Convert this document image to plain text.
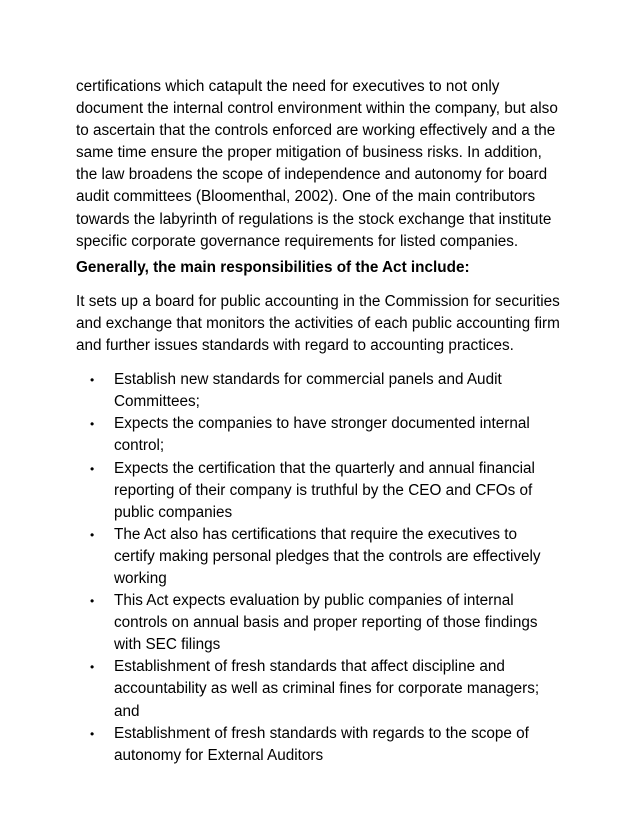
certifications which catapult the need for executives to not only document the internal control environment within the company, but also to ascertain that the controls enforced are working effectively and a the same time ensure the proper mitigation of business risks. In addition, the law broadens the scope of independence and autonomy for board audit committees (Bloomenthal, 2002). One of the main contributors towards the labyrinth of regulations is the stock exchange that institute specific corporate governance requirements for listed companies.

Generally, the main responsibilities of the Act include:

It sets up a board for public accounting in the Commission for securities and exchange that monitors the activities of each public accounting firm and further issues standards with regard to accounting practices.

• Establish new standards for commercial panels and Audit Committees;
• Expects the companies to have stronger documented internal control;
• Expects the certification that the quarterly and annual financial reporting of their company is truthful by the CEO and CFOs of public companies
• The Act also has certifications that require the executives to certify making personal pledges that the controls are effectively working
• This Act expects evaluation by public companies of internal controls on annual basis and proper reporting of those findings with SEC filings
• Establishment of fresh standards that affect discipline and accountability as well as criminal fines for corporate managers; and
• Establishment of fresh standards with regards to the scope of autonomy for External Auditors
